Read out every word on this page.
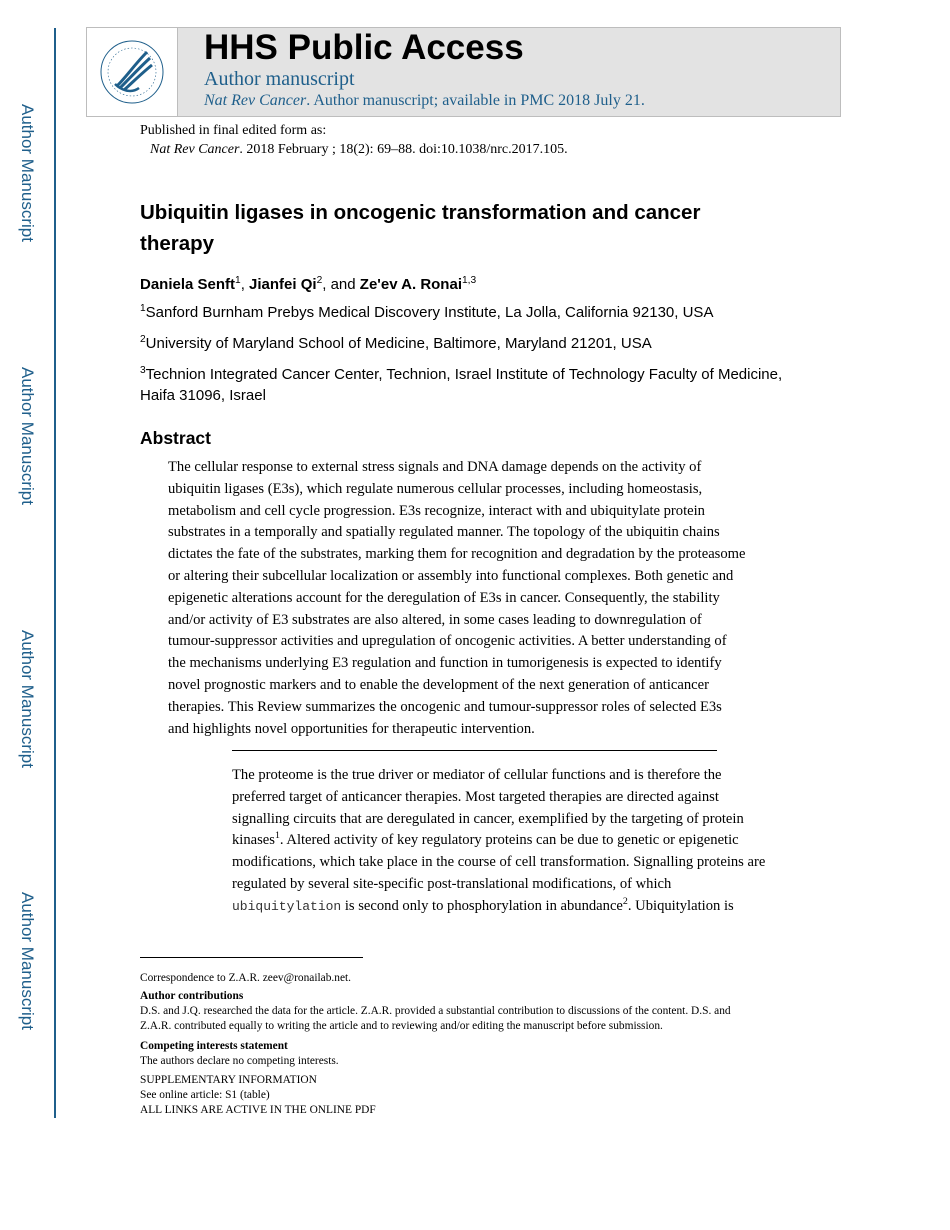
Author Manuscript
Author Manuscript
Author Manuscript
Author Manuscript
HHS Public Access
Author manuscript
Nat Rev Cancer. Author manuscript; available in PMC 2018 July 21.
Published in final edited form as:
Nat Rev Cancer. 2018 February ; 18(2): 69–88. doi:10.1038/nrc.2017.105.
Ubiquitin ligases in oncogenic transformation and cancer therapy
Daniela Senft$^1$, Jianfei Qi$^2$, and Ze'ev A. Ronai$^{1,3}$
$^1$Sanford Burnham Prebys Medical Discovery Institute, La Jolla, California 92130, USA
$^2$University of Maryland School of Medicine, Baltimore, Maryland 21201, USA
$^3$Technion Integrated Cancer Center, Technion, Israel Institute of Technology Faculty of Medicine, Haifa 31096, Israel
Abstract
The cellular response to external stress signals and DNA damage depends on the activity of
ubiquitin ligases (E3s), which regulate numerous cellular processes, including homeostasis,
metabolism and cell cycle progression. E3s recognize, interact with and ubiquitylate protein
substrates in a temporally and spatially regulated manner. The topology of the ubiquitin chains
dictates the fate of the substrates, marking them for recognition and degradation by the proteasome
or altering their subcellular localization or assembly into functional complexes. Both genetic and
epigenetic alterations account for the deregulation of E3s in cancer. Consequently, the stability
and/or activity of E3 substrates are also altered, in some cases leading to downregulation of
tumour-suppressor activities and upregulation of oncogenic activities. A better understanding of
the mechanisms underlying E3 regulation and function in tumorigenesis is expected to identify
novel prognostic markers and to enable the development of the next generation of anticancer
therapies. This Review summarizes the oncogenic and tumour-suppressor roles of selected E3s
and highlights novel opportunities for therapeutic intervention.
The proteome is the true driver or mediator of cellular functions and is therefore the
preferred target of anticancer therapies. Most targeted therapies are directed against
signalling circuits that are deregulated in cancer, exemplified by the targeting of protein
kinases$^1$. Altered activity of key regulatory proteins can be due to genetic or epigenetic
modifications, which take place in the course of cell transformation. Signalling proteins are
regulated by several site-specific post-translational modifications, of which
ubiquitylation is second only to phosphorylation in abundance$^2$. Ubiquitylation is
Correspondence to Z.A.R. zeev@ronailab.net.
Author contributions
D.S. and J.Q. researched the data for the article. Z.A.R. provided a substantial contribution to discussions of the content. D.S. and
Z.A.R. contributed equally to writing the article and to reviewing and/or editing the manuscript before submission.
Competing interests statement
The authors declare no competing interests.
SUPPLEMENTARY INFORMATION
See online article: S1 (table)
ALL LINKS ARE ACTIVE IN THE ONLINE PDF
